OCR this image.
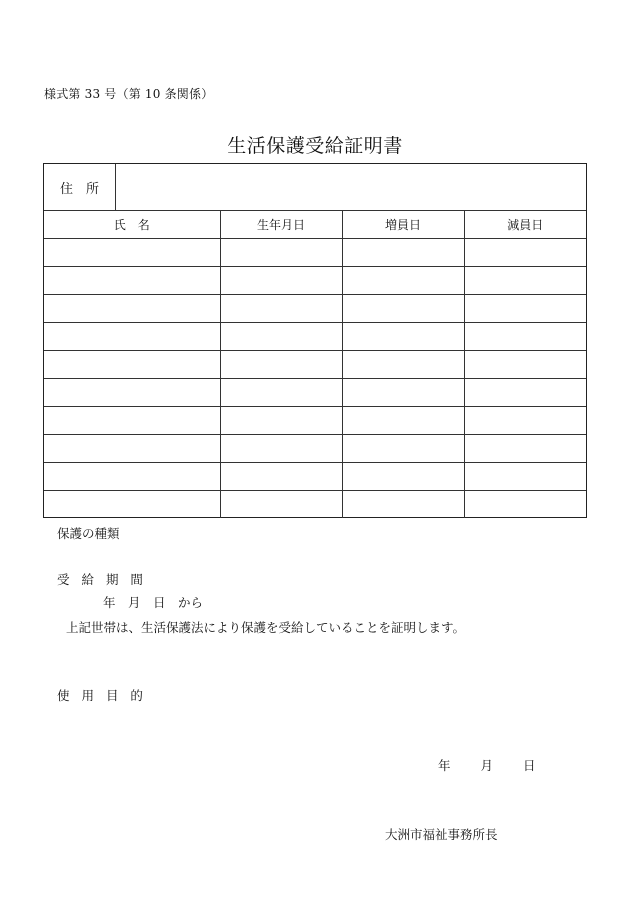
様式第 33 号（第 10 条関係）
生活保護受給証明書
住　所
氏　名	生年月日	増員日	減員日

保護の種類
受 給 期 間
年　月　日　から
上記世帯は、生活保護法により保護を受給していることを証明します。
使 用 目 的
年 月 日
大洲市福祉事務所長
